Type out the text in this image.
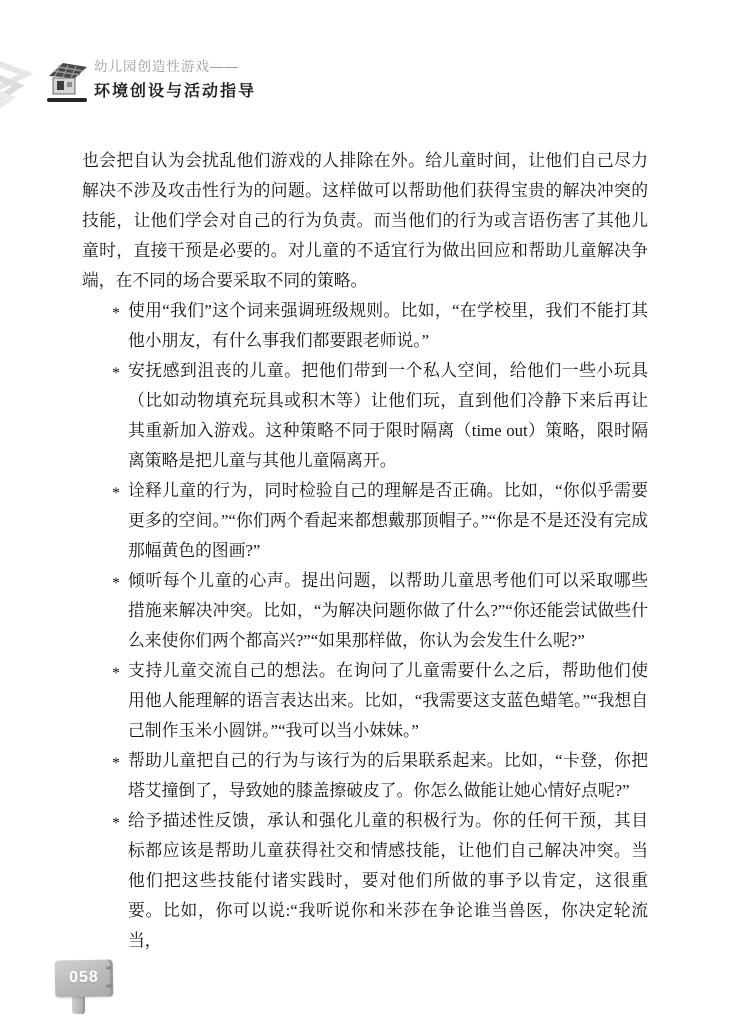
幼儿园创造性游戏——
环境创设与活动指导

也会把自认为会扰乱他们游戏的人排除在外。给儿童时间，让他们自己尽力解决不涉及攻击性行为的问题。这样做可以帮助他们获得宝贵的解决冲突的技能，让他们学会对自己的行为负责。而当他们的行为或言语伤害了其他儿童时，直接干预是必要的。对儿童的不适宜行为做出回应和帮助儿童解决争端，在不同的场合要采取不同的策略。

* 使用“我们”这个词来强调班级规则。比如，“在学校里，我们不能打其他小朋友，有什么事我们都要跟老师说。”
* 安抚感到沮丧的儿童。把他们带到一个私人空间，给他们一些小玩具（比如动物填充玩具或积木等）让他们玩，直到他们冷静下来后再让其重新加入游戏。这种策略不同于限时隔离（time out）策略，限时隔离策略是把儿童与其他儿童隔离开。
* 诠释儿童的行为，同时检验自己的理解是否正确。比如，“你似乎需要更多的空间。”“你们两个看起来都想戴那顶帽子。”“你是不是还没有完成那幅黄色的图画?”
* 倾听每个儿童的心声。提出问题，以帮助儿童思考他们可以采取哪些措施来解决冲突。比如，“为解决问题你做了什么?”“你还能尝试做些什么来使你们两个都高兴?”“如果那样做，你认为会发生什么呢?”
* 支持儿童交流自己的想法。在询问了儿童需要什么之后，帮助他们使用他人能理解的语言表达出来。比如，“我需要这支蓝色蜡笔。”“我想自己制作玉米小圆饼。”“我可以当小妹妹。”
* 帮助儿童把自己的行为与该行为的后果联系起来。比如，“卡登，你把塔艾撞倒了，导致她的膝盖擦破皮了。你怎么做能让她心情好点呢?”
* 给予描述性反馈，承认和强化儿童的积极行为。你的任何干预，其目标都应该是帮助儿童获得社交和情感技能，让他们自己解决冲突。当他们把这些技能付诸实践时，要对他们所做的事予以肯定，这很重要。比如，你可以说:“我听说你和米莎在争论谁当兽医，你决定轮流当，
058
